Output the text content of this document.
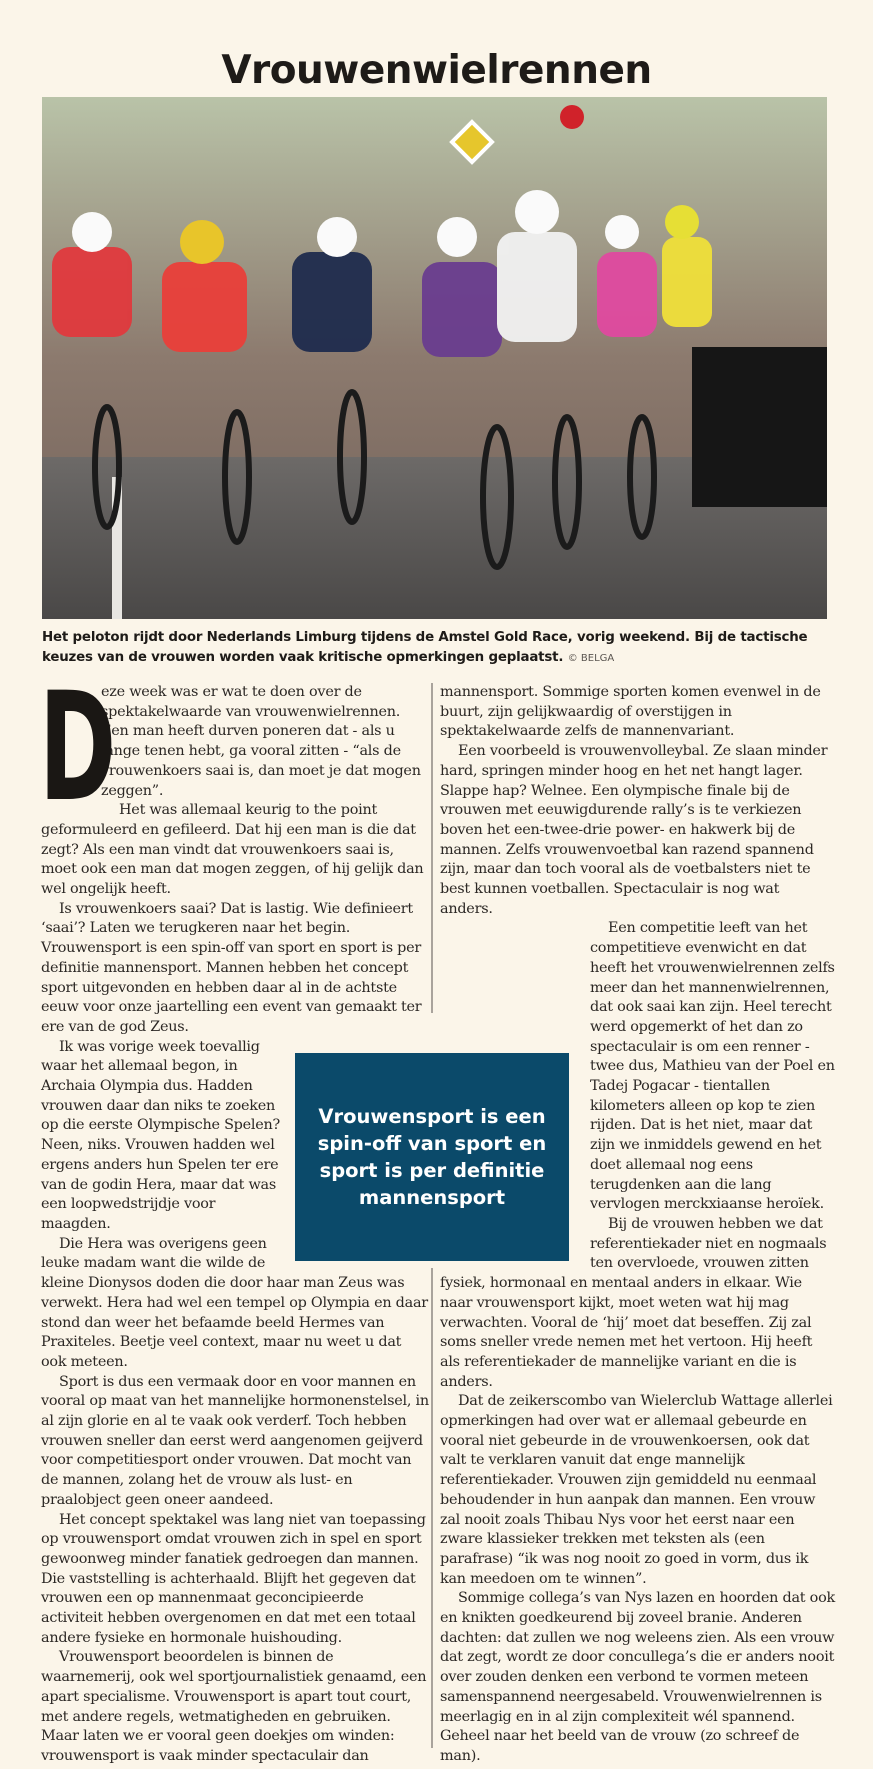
Vrouwenwielrennen
Het peloton rijdt door Nederlands Limburg tijdens de Amstel Gold Race, vorig weekend. Bij de tactische keuzes van de vrouwen worden vaak kritische opmerkingen geplaatst. © BELGA
D

eze week was er wat te doen over de spektakelwaarde van vrouwenwielrennen. Een man heeft durven poneren dat - als u lange tenen hebt, ga vooral zitten - “als de vrouwenkoers saai is, dan moet je dat mogen zeggen”.

Het was allemaal keurig to the point geformuleerd en gefileerd. Dat hij een man is die dat zegt? Als een man vindt dat vrouwenkoers saai is, moet ook een man dat mogen zeggen, of hij gelijk dan wel ongelijk heeft.

Is vrouwenkoers saai? Dat is lastig. Wie definieert ‘saai’? Laten we terugkeren naar het begin. Vrouwensport is een spin-off van sport en sport is per definitie mannensport. Mannen hebben het concept sport uitgevonden en hebben daar al in de achtste eeuw voor onze jaartelling een event van gemaakt ter ere van de god Zeus.

Ik was vorige week toevallig waar het allemaal begon, in Archaia Olympia dus. Hadden vrouwen daar dan niks te zoeken op die eerste Olympische Spelen? Neen, niks. Vrouwen hadden wel ergens anders hun Spelen ter ere van de godin Hera, maar dat was een loopwedstrijdje voor maagden.

Die Hera was overigens geen leuke madam want die wilde de kleine Dionysos doden die door haar man Zeus was verwekt. Hera had wel een tempel op Olympia en daar stond dan weer het befaamde beeld Hermes van Praxiteles. Beetje veel context, maar nu weet u dat ook meteen.

Sport is dus een vermaak door en voor mannen en vooral op maat van het mannelijke hormonenstelsel, in al zijn glorie en al te vaak ook verderf. Toch hebben vrouwen sneller dan eerst werd aangenomen geijverd voor competitiesport onder vrouwen. Dat mocht van de mannen, zolang het de vrouw als lust- en praalobject geen oneer aandeed.

Het concept spektakel was lang niet van toepassing op vrouwensport omdat vrouwen zich in spel en sport gewoonweg minder fanatiek gedroegen dan mannen. Die vaststelling is achterhaald. Blijft het gegeven dat vrouwen een op mannenmaat geconcipieerde activiteit hebben overgenomen en dat met een totaal andere fysieke en hormonale huishouding.

Vrouwensport beoordelen is binnen de waarnemerij, ook wel sportjournalistiek genaamd, een apart specialisme. Vrouwensport is apart tout court, met andere regels, wetmatigheden en gebruiken. Maar laten we er vooral geen doekjes om winden: vrouwensport is vaak minder spectaculair dan

mannensport. Sommige sporten komen evenwel in de buurt, zijn gelijkwaardig of overstijgen in spektakelwaarde zelfs de mannenvariant.

Een voorbeeld is vrouwenvolleybal. Ze slaan minder hard, springen minder hoog en het net hangt lager. Slappe hap? Welnee. Een olympische finale bij de vrouwen met eeuwigdurende rally’s is te verkiezen boven het een-twee-drie power- en hakwerk bij de mannen. Zelfs vrouwenvoetbal kan razend spannend zijn, maar dan toch vooral als de voetbalsters niet te best kunnen voetballen. Spectaculair is nog wat anders.

Een competitie leeft van het competitieve evenwicht en dat heeft het vrouwenwielrennen zelfs meer dan het mannenwielrennen, dat ook saai kan zijn. Heel terecht werd opgemerkt of het dan zo spectaculair is om een renner - twee dus, Mathieu van der Poel en Tadej Pogacar - tientallen kilometers alleen op kop te zien rijden. Dat is het niet, maar dat zijn we inmiddels gewend en het doet allemaal nog eens terugdenken aan die lang vervlogen merckxiaanse heroïek.

Bij de vrouwen hebben we dat referentiekader niet en nogmaals ten overvloede, vrouwen zitten fysiek, hormonaal en mentaal anders in elkaar. Wie naar vrouwensport kijkt, moet weten wat hij mag verwachten. Vooral de ‘hij’ moet dat beseffen. Zij zal soms sneller vrede nemen met het vertoon. Hij heeft als referentiekader de mannelijke variant en die is anders.

Dat de zeikerscombo van Wielerclub Wattage allerlei opmerkingen had over wat er allemaal gebeurde en vooral niet gebeurde in de vrouwenkoersen, ook dat valt te verklaren vanuit dat enge mannelijk referentiekader. Vrouwen zijn gemiddeld nu eenmaal behoudender in hun aanpak dan mannen. Een vrouw zal nooit zoals Thibau Nys voor het eerst naar een zware klassieker trekken met teksten als (een parafrase) “ik was nog nooit zo goed in vorm, dus ik kan meedoen om te winnen”.

Sommige collega’s van Nys lazen en hoorden dat ook en knikten goedkeurend bij zoveel branie. Anderen dachten: dat zullen we nog weleens zien. Als een vrouw dat zegt, wordt ze door concullega’s die er anders nooit over zouden denken een verbond te vormen meteen samenspannend neergesabeld. Vrouwenwielrennen is meerlagig en in al zijn complexiteit wél spannend. Geheel naar het beeld van de vrouw (zo schreef de man).

Vrouwensport is een spin-off van sport en sport is per definitie mannensport
